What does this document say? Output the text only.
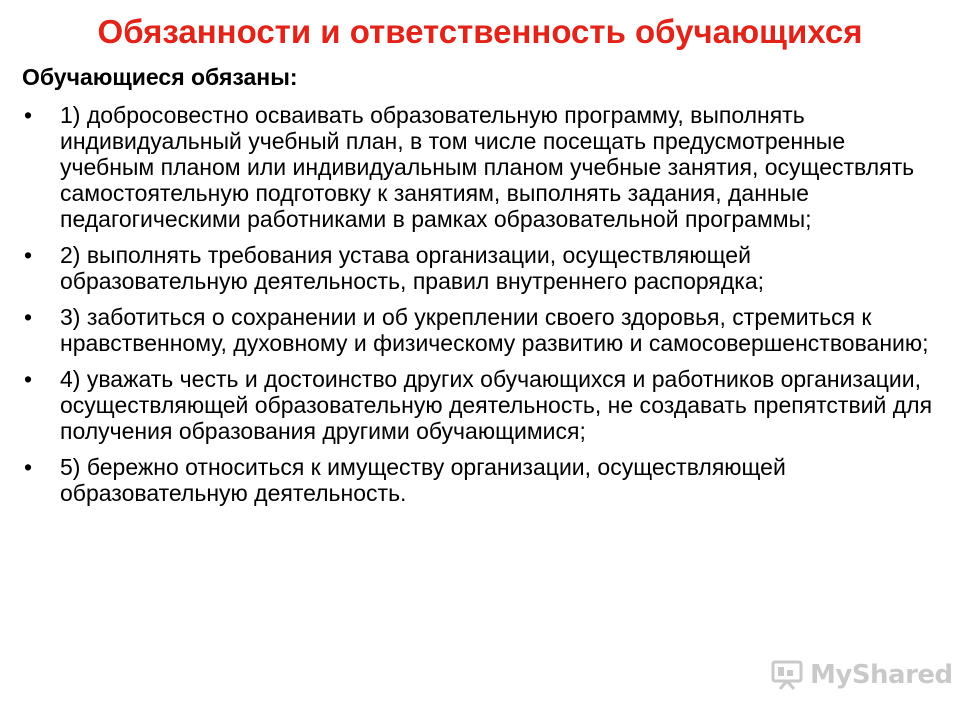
Обязанности и ответственность обучающихся
Обучающиеся обязаны:
•	1) добросовестно осваивать образовательную программу, выполнять индивидуальный учебный план, в том числе посещать предусмотренные учебным планом или индивидуальным планом учебные занятия, осуществлять самостоятельную подготовку к занятиям, выполнять задания, данные педагогическими работниками в рамках образовательной программы;
•	2) выполнять требования устава организации, осуществляющей образовательную деятельность, правил внутреннего распорядка;
•	3) заботиться о сохранении и об укреплении своего здоровья, стремиться к нравственному, духовному и физическому развитию и самосовершенствованию;
•	4) уважать честь и достоинство других обучающихся и работников организации, осуществляющей образовательную деятельность, не создавать препятствий для получения образования другими обучающимися;
•	5) бережно относиться к имуществу организации, осуществляющей образовательную деятельность.
MyShared
